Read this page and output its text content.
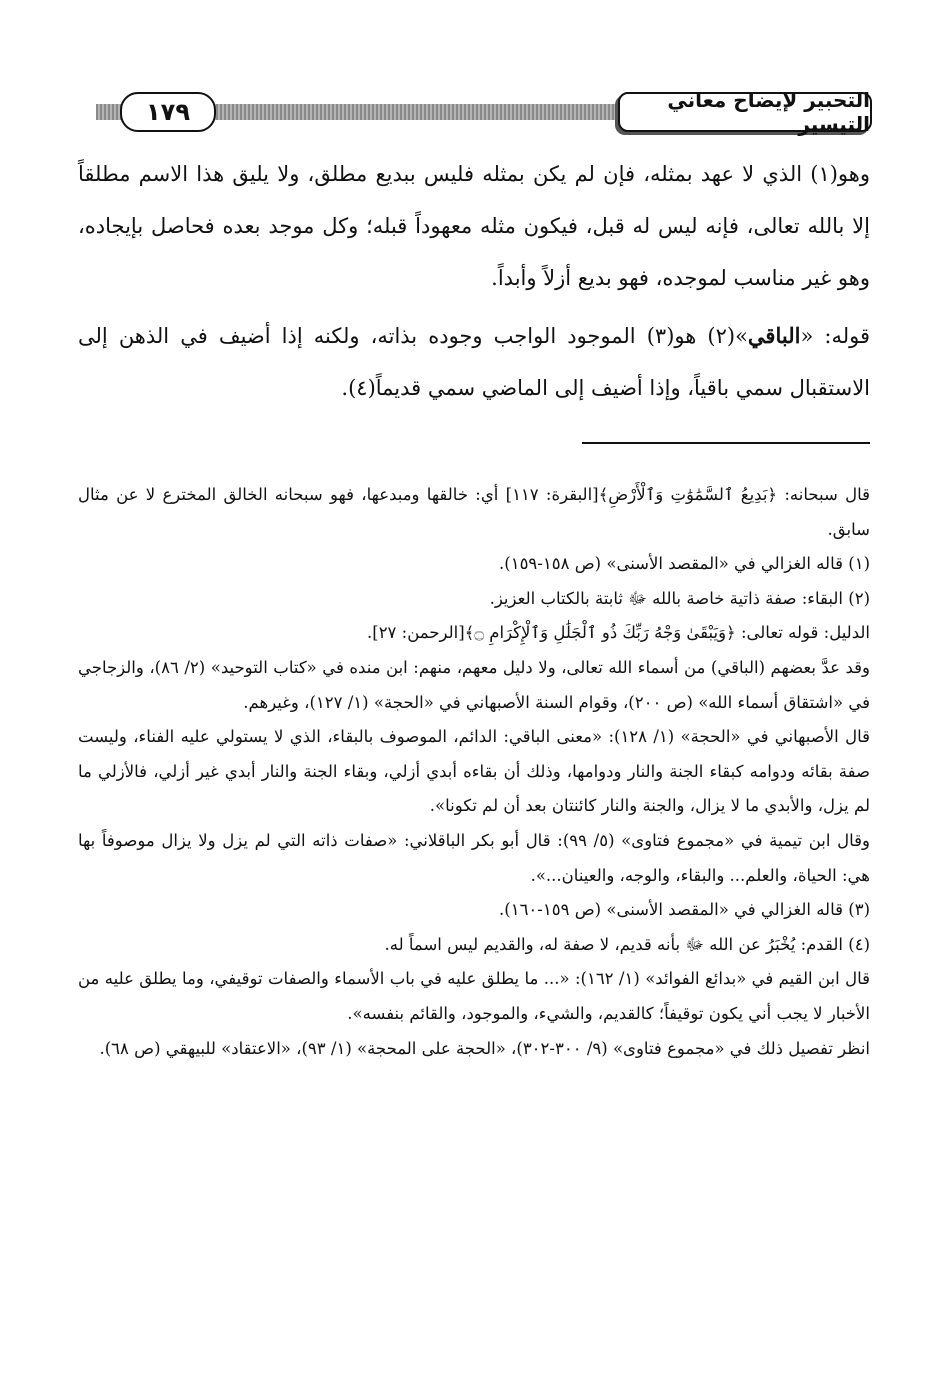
١٧٩	التحبير لإيضاح معاني التيسير

وهو(١) الذي لا عهد بمثله، فإن لم يكن بمثله فليس ببديع مطلق، ولا يليق هذا الاسم مطلقاً إلا بالله تعالى، فإنه ليس له قبل، فيكون مثله معهوداً قبله؛ وكل موجد بعده فحاصل بإيجاده، وهو غير مناسب لموجده، فهو بديع أزلاً وأبداً.

قوله: «الباقي»(٢) هو(٣) الموجود الواجب وجوده بذاته، ولكنه إذا أضيف في الذهن إلى الاستقبال سمي باقياً، وإذا أضيف إلى الماضي سمي قديماً(٤).

قال سبحانه: ﴿بَدِيعُ ٱلسَّمَٰوَٰتِ وَٱلْأَرْضِ﴾[البقرة: ١١٧] أي: خالقها ومبدعها، فهو سبحانه الخالق المخترع لا عن مثال سابق.

(١) قاله الغزالي في «المقصد الأسنى» (ص ١٥٨-١٥٩).

(٢) البقاء: صفة ذاتية خاصة بالله ﷻ ثابتة بالكتاب العزيز.

الدليل: قوله تعالى: ﴿وَيَبْقَىٰ وَجْهُ رَبِّكَ ذُو ٱلْجَلَٰلِ وَٱلْإِكْرَامِ ۝﴾[الرحمن: ٢٧].

وقد عدَّ بعضهم (الباقي) من أسماء الله تعالى، ولا دليل معهم، منهم: ابن منده في «كتاب التوحيد» (٢/ ٨٦)، والزجاجي في «اشتقاق أسماء الله» (ص ٢٠٠)، وقوام السنة الأصبهاني في «الحجة» (١/ ١٢٧)، وغيرهم.

قال الأصبهاني في «الحجة» (١/ ١٢٨): «معنى الباقي: الدائم، الموصوف بالبقاء، الذي لا يستولي عليه الفناء، وليست صفة بقائه ودوامه كبقاء الجنة والنار ودوامها، وذلك أن بقاءه أبدي أزلي، وبقاء الجنة والنار أبدي غير أزلي، فالأزلي ما لم يزل، والأبدي ما لا يزال، والجنة والنار كائنتان بعد أن لم تكونا».

وقال ابن تيمية في «مجموع فتاوى» (٥/ ٩٩): قال أبو بكر الباقلاني: «صفات ذاته التي لم يزل ولا يزال موصوفاً بها هي: الحياة، والعلم... والبقاء، والوجه، والعينان...».

(٣) قاله الغزالي في «المقصد الأسنى» (ص ١٥٩-١٦٠).

(٤) القدم: يُخْبَرُ عن الله ﷻ بأنه قديم، لا صفة له، والقديم ليس اسماً له.

قال ابن القيم في «بدائع الفوائد» (١/ ١٦٢): «... ما يطلق عليه في باب الأسماء والصفات توقيفي، وما يطلق عليه من الأخبار لا يجب أني يكون توقيفاً؛ كالقديم، والشيء، والموجود، والقائم بنفسه».

انظر تفصيل ذلك في «مجموع فتاوى» (٩/ ٣٠٠-٣٠٢)، «الحجة على المحجة» (١/ ٩٣)، «الاعتقاد» للبيهقي (ص ٦٨).
